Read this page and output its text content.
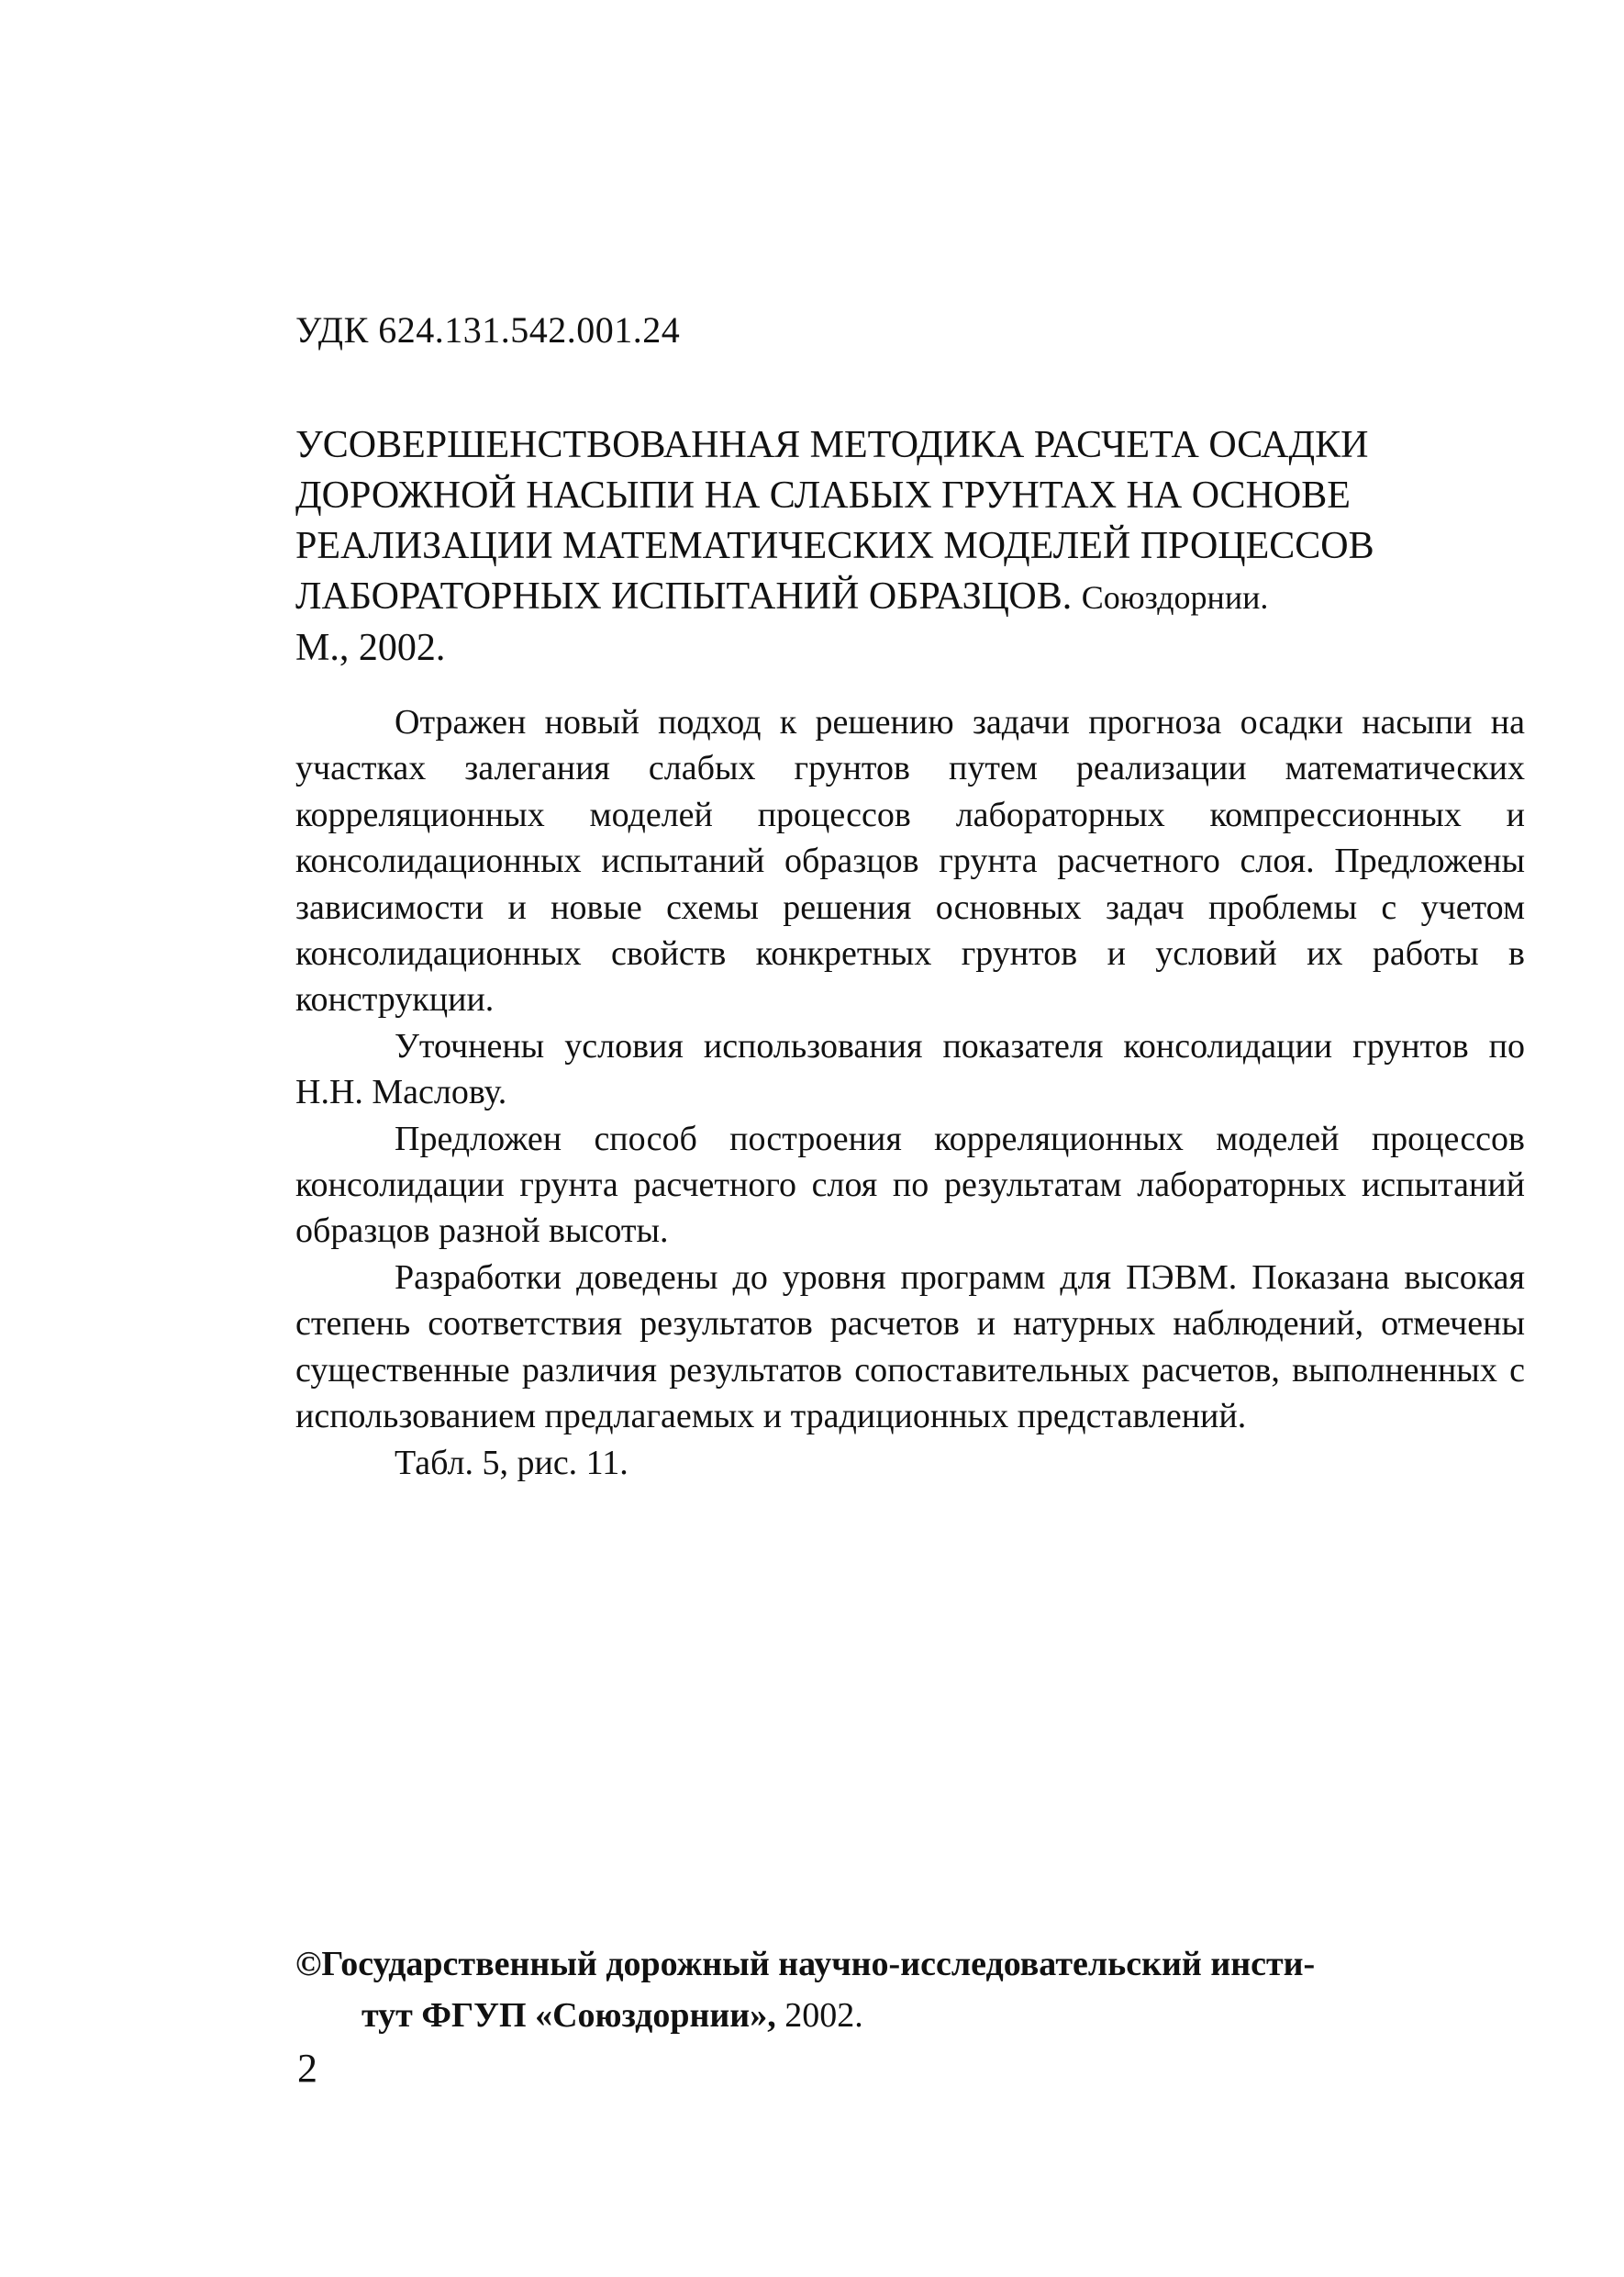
УДК 624.131.542.001.24
УСОВЕРШЕНСТВОВАННАЯ МЕТОДИКА РАСЧЕТА ОСАДКИ
ДОРОЖНОЙ НАСЫПИ НА СЛАБЫХ ГРУНТАХ НА ОСНОВЕ
РЕАЛИЗАЦИИ МАТЕМАТИЧЕСКИХ МОДЕЛЕЙ ПРОЦЕССОВ
ЛАБОРАТОРНЫХ ИСПЫТАНИЙ ОБРАЗЦОВ. Союздорнии.
М., 2002.

Отражен новый подход к решению задачи прогноза осадки насыпи на участках залегания слабых грунтов путем реализации математических корреляционных моделей процессов лабораторных компрессионных и консолидационных испытаний образцов грунта расчетного слоя. Предложены зависимости и новые схемы решения основных задач проблемы с учетом консолидационных свойств конкретных грунтов и условий их работы в конструкции.

Уточнены условия использования показателя консолидации грунтов по Н.Н. Маслову.

Предложен способ построения корреляционных моделей процессов консолидации грунта расчетного слоя по результатам лабораторных испытаний образцов разной высоты.

Разработки доведены до уровня программ для ПЭВМ. Показана высокая степень соответствия результатов расчетов и натурных наблюдений, отмечены существенные различия результатов сопоставительных расчетов, выполненных с использованием предлагаемых и традиционных представлений.

Табл. 5, рис. 11.

©Государственный дорожный научно-исследовательский инсти-
тут ФГУП «Союздорнии», 2002.
2
